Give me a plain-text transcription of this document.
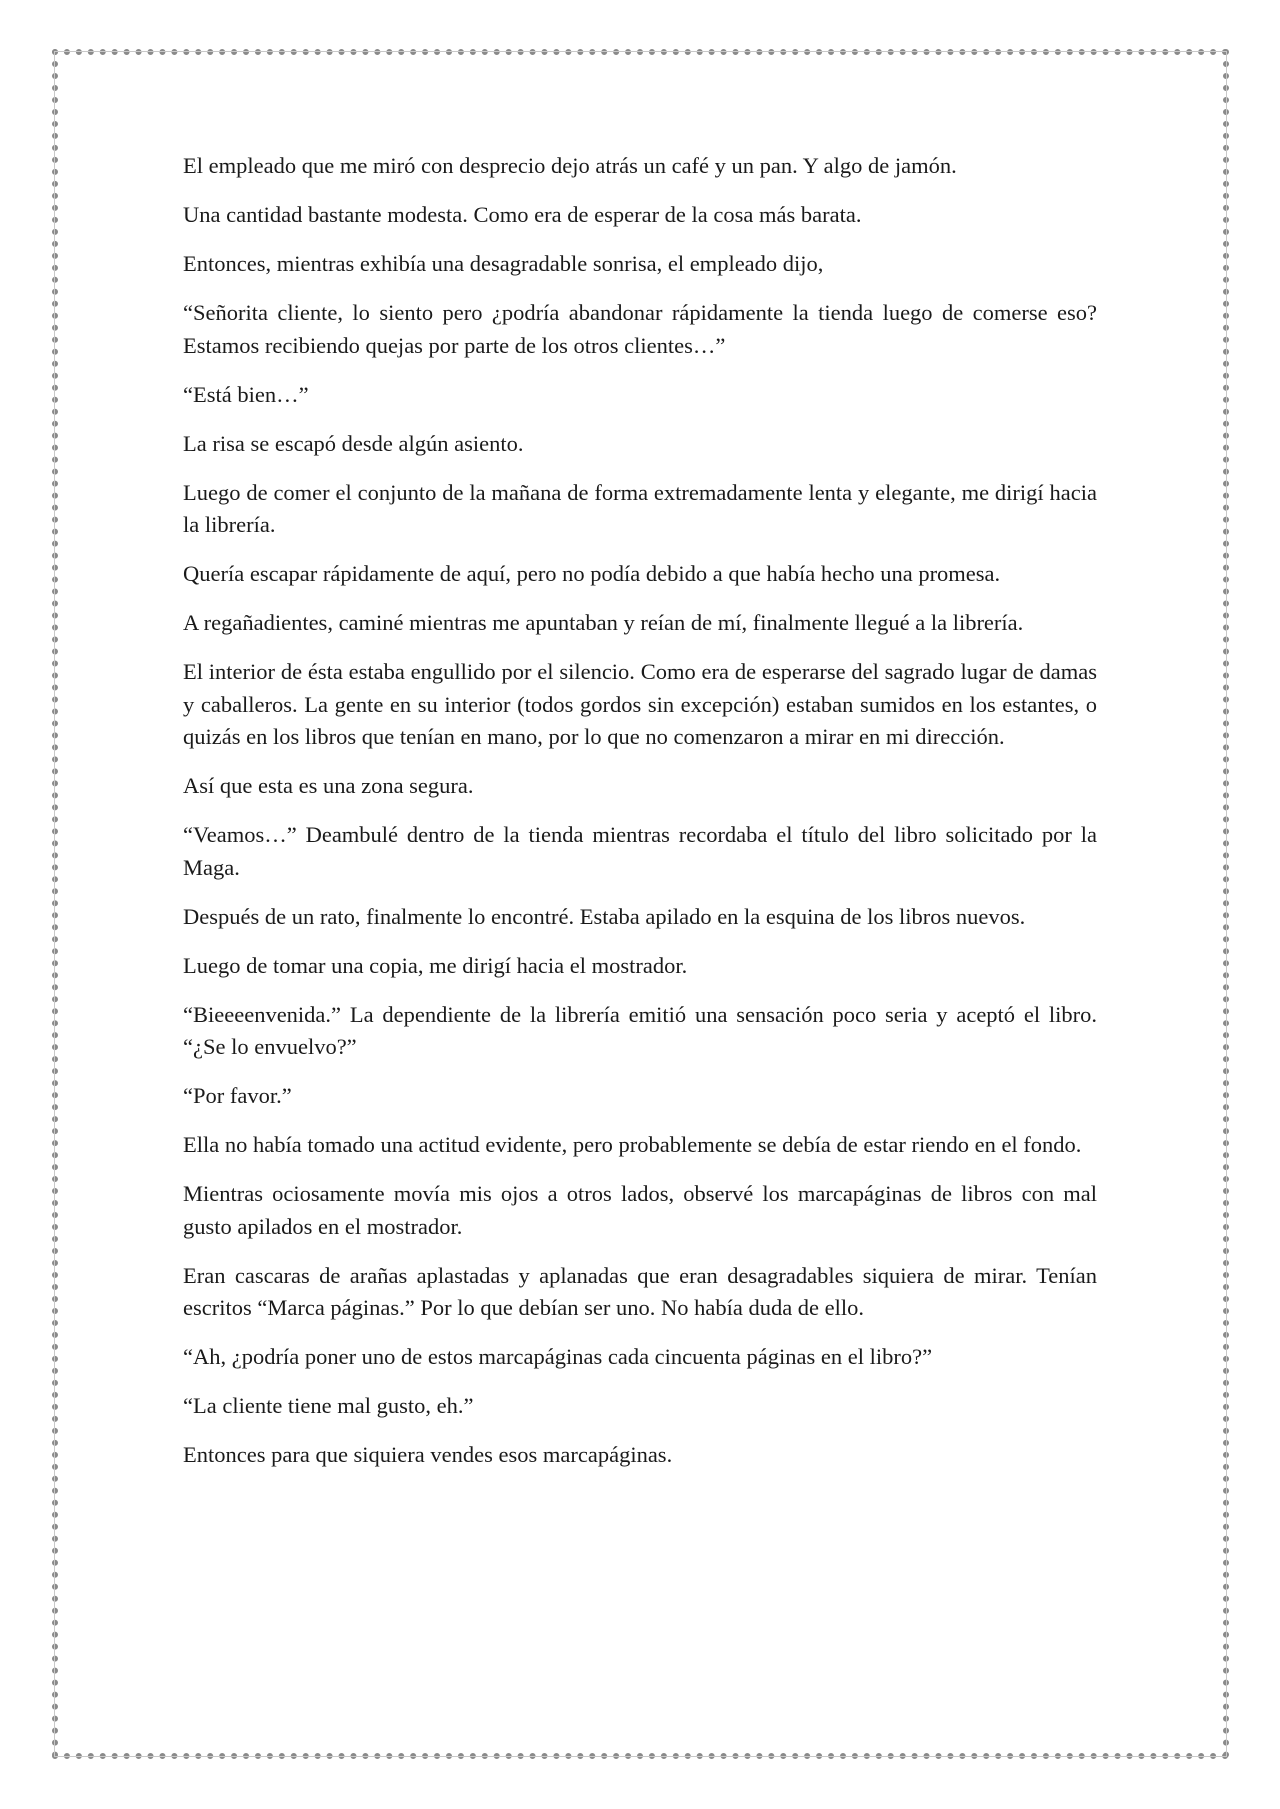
El empleado que me miró con desprecio dejo atrás un café y un pan. Y algo de jamón.

Una cantidad bastante modesta. Como era de esperar de la cosa más barata.

Entonces, mientras exhibía una desagradable sonrisa, el empleado dijo,

“Señorita cliente, lo siento pero ¿podría abandonar rápidamente la tienda luego de comerse eso? Estamos recibiendo quejas por parte de los otros clientes…”

“Está bien…”

La risa se escapó desde algún asiento.

Luego de comer el conjunto de la mañana de forma extremadamente lenta y elegante, me dirigí hacia la librería.

Quería escapar rápidamente de aquí, pero no podía debido a que había hecho una promesa.

A regañadientes, caminé mientras me apuntaban y reían de mí, finalmente llegué a la librería.

El interior de ésta estaba engullido por el silencio. Como era de esperarse del sagrado lugar de damas y caballeros. La gente en su interior (todos gordos sin excepción) estaban sumidos en los estantes, o quizás en los libros que tenían en mano, por lo que no comenzaron a mirar en mi dirección.

Así que esta es una zona segura.

“Veamos…” Deambulé dentro de la tienda mientras recordaba el título del libro solicitado por la Maga.

Después de un rato, finalmente lo encontré. Estaba apilado en la esquina de los libros nuevos.

Luego de tomar una copia, me dirigí hacia el mostrador.

“Bieeeenvenida.” La dependiente de la librería emitió una sensación poco seria y aceptó el libro. “¿Se lo envuelvo?”

“Por favor.”

Ella no había tomado una actitud evidente, pero probablemente se debía de estar riendo en el fondo.

Mientras ociosamente movía mis ojos a otros lados, observé los marcapáginas de libros con mal gusto apilados en el mostrador.

Eran cascaras de arañas aplastadas y aplanadas que eran desagradables siquiera de mirar. Tenían escritos “Marca páginas.” Por lo que debían ser uno. No había duda de ello.

“Ah, ¿podría poner uno de estos marcapáginas cada cincuenta páginas en el libro?”

“La cliente tiene mal gusto, eh.”

Entonces para que siquiera vendes esos marcapáginas.
